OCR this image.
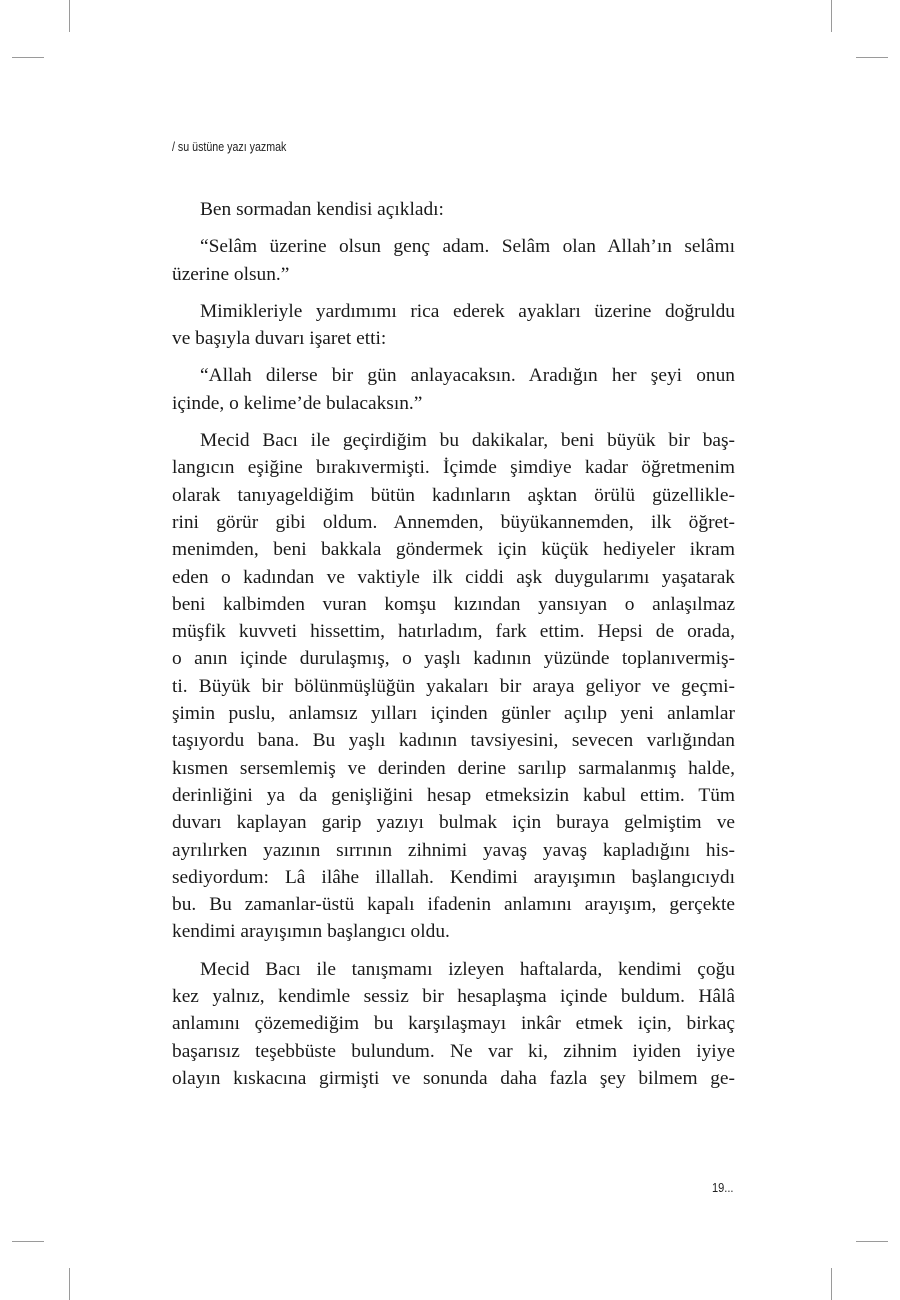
/ su üstüne yazı yazmak

Ben sormadan kendisi açıkladı:

“Selâm üzerine olsun genç adam. Selâm olan Allah’ın selâmı
üzerine olsun.”

Mimikleriyle yardımımı rica ederek ayakları üzerine doğruldu
ve başıyla duvarı işaret etti:

“Allah dilerse bir gün anlayacaksın. Aradığın her şeyi onun
içinde, o kelime’de bulacaksın.”

Mecid Bacı ile geçirdiğim bu dakikalar, beni büyük bir baş-
langıcın eşiğine bırakıvermişti. İçimde şimdiye kadar öğretmenim
olarak tanıyageldiğim bütün kadınların aşktan örülü güzellikle-
rini görür gibi oldum. Annemden, büyükannemden, ilk öğret-
menimden, beni bakkala göndermek için küçük hediyeler ikram
eden o kadından ve vaktiyle ilk ciddi aşk duygularımı yaşatarak
beni kalbimden vuran komşu kızından yansıyan o anlaşılmaz
müşfik kuvveti hissettim, hatırladım, fark ettim. Hepsi de orada,
o anın içinde durulaşmış, o yaşlı kadının yüzünde toplanıvermiş-
ti. Büyük bir bölünmüşlüğün yakaları bir araya geliyor ve geçmi-
şimin puslu, anlamsız yılları içinden günler açılıp yeni anlamlar
taşıyordu bana. Bu yaşlı kadının tavsiyesini, sevecen varlığından
kısmen sersemlemiş ve derinden derine sarılıp sarmalanmış halde,
derinliğini ya da genişliğini hesap etmeksizin kabul ettim. Tüm
duvarı kaplayan garip yazıyı bulmak için buraya gelmiştim ve
ayrılırken yazının sırrının zihnimi yavaş yavaş kapladığını his-
sediyordum: Lâ ilâhe illallah. Kendimi arayışımın başlangıcıydı
bu. Bu zamanlar-üstü kapalı ifadenin anlamını arayışım, gerçekte
kendimi arayışımın başlangıcı oldu.

Mecid Bacı ile tanışmamı izleyen haftalarda, kendimi çoğu
kez yalnız, kendimle sessiz bir hesaplaşma içinde buldum. Hâlâ
anlamını çözemediğim bu karşılaşmayı inkâr etmek için, birkaç
başarısız teşebbüste bulundum. Ne var ki, zihnim iyiden iyiye
olayın kıskacına girmişti ve sonunda daha fazla şey bilmem ge-

19...
